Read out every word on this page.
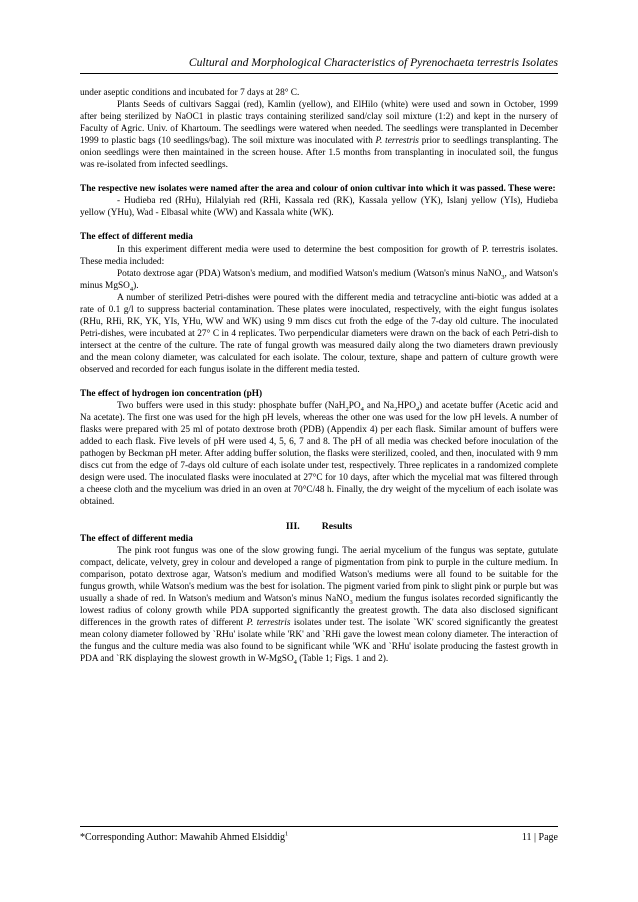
Cultural and Morphological Characteristics of Pyrenochaeta terrestris Isolates

under aseptic conditions and incubated for 7 days at 28° C.

Plants Seeds of cultivars Saggai (red), Kamlin (yellow), and ElHilo (white) were used and sown in October, 1999 after being sterilized by NaOC1 in plastic trays containing sterilized sand/clay soil mixture (1:2) and kept in the nursery of Faculty of Agric. Univ. of Khartoum. The seedlings were watered when needed. The seedlings were transplanted in December 1999 to plastic bags (10 seedlings/bag). The soil mixture was inoculated with P. terrestris prior to seedlings transplanting. The onion seedlings were then maintained in the screen house. After 1.5 months from transplanting in inoculated soil, the fungus was re-isolated from infected seedlings.

The respective new isolates were named after the area and colour of onion cultivar into which it was passed. These were:

- Hudieba red (RHu), Hilalyiah red (RHi, Kassala red (RK), Kassala yellow (YK), Islanj yellow (YIs), Hudieba yellow (YHu), Wad - Elbasal white (WW) and Kassala white (WK).

The effect of different media

In this experiment different media were used to determine the best composition for growth of P. terrestris isolates. These media included:

Potato dextrose agar (PDA) Watson's medium, and modified Watson's medium (Watson's minus NaNO$_3$, and Watson's minus MgSO$_4$).

A number of sterilized Petri-dishes were poured with the different media and tetracycline anti-biotic was added at a rate of 0.1 g/l to suppress bacterial contamination. These plates were inoculated, respectively, with the eight fungus isolates (RHu, RHi, RK, YK, YIs, YHu, WW and WK) using 9 mm discs cut froth the edge of the 7-day old culture. The inoculated Petri-dishes, were incubated at 27° C in 4 replicates. Two perpendicular diameters were drawn on the back of each Petri-dish to intersect at the centre of the culture. The rate of fungal growth was measured daily along the two diameters drawn previously and the mean colony diameter, was calculated for each isolate. The colour, texture, shape and pattern of culture growth were observed and recorded for each fungus isolate in the different media tested.

The effect of hydrogen ion concentration (pH)

Two buffers were used in this study: phosphate buffer ($NaH_2PO_4$ and $Na_2HPO_4$) and acetate buffer (Acetic acid and Na acetate). The first one was used for the high pH levels, whereas the other one was used for the low pH levels. A number of flasks were prepared with 25 ml of potato dextrose broth (PDB) (Appendix 4) per each flask. Similar amount of buffers were added to each flask. Five levels of pH were used 4, 5, 6, 7 and 8. The pH of all media was checked before inoculation of the pathogen by Beckman pH meter. After adding buffer solution, the flasks were sterilized, cooled, and then, inoculated with 9 mm discs cut from the edge of 7-days old culture of each isolate under test, respectively. Three replicates in a randomized complete design were used. The inoculated flasks were inoculated at 27°C for 10 days, after which the mycelial mat was filtered through a cheese cloth and the mycelium was dried in an oven at 70°C/48 h. Finally, the dry weight of the mycelium of each isolate was obtained.

III. Results

The effect of different media

The pink root fungus was one of the slow growing fungi. The aerial mycelium of the fungus was septate, gutulate compact, delicate, velvety, grey in colour and developed a range of pigmentation from pink to purple in the culture medium. In comparison, potato dextrose agar, Watson's medium and modified Watson's mediums were all found to be suitable for the fungus growth, while Watson's medium was the best for isolation. The pigment varied from pink to slight pink or purple but was usually a shade of red. In Watson's medium and Watson's minus NaNO$_3$ medium the fungus isolates recorded significantly the lowest radius of colony growth while PDA supported significantly the greatest growth. The data also disclosed significant differences in the growth rates of different P. terrestris isolates under test. The isolate `WK' scored significantly the greatest mean colony diameter followed by `RHu' isolate while 'RK' and `RHi gave the lowest mean colony diameter. The interaction of the fungus and the culture media was also found to be significant while 'WK and `RHu' isolate producing the fastest growth in PDA and `RK displaying the slowest growth in W-MgSO$_4$ (Table 1; Figs. 1 and 2).

*Corresponding Author: Mawahib Ahmed Elsiddig$^1$	11 | Page
